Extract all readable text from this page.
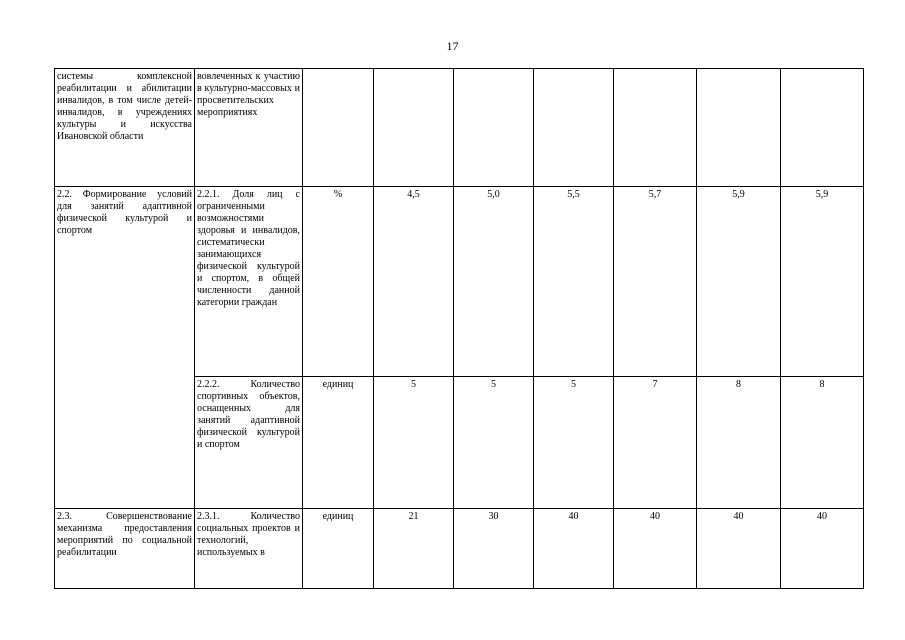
17
системы комплексной реабилитации и абилитации инвалидов, в том числе детей-инвалидов, в учреждениях культуры и искусства Ивановской области	вовлеченных к участию в культурно-массовых и просветительских мероприятиях							
2.2. Формирование условий для занятий адаптивной физической культурой и спортом	2.2.1. Доля лиц с ограниченными возможностями здоровья и инвалидов, систематически занимающихся физической культурой и спортом, в общей численности данной категории граждан	%	4,5	5,0	5,5	5,7	5,9	5,9
	2.2.2. Количество спортивных объектов, оснащенных для занятий адаптивной физической культурой и спортом	единиц	5	5	5	7	8	8
2.3. Совершенствование механизма предоставления мероприятий по социальной реабилитации	2.3.1. Количество социальных проектов и технологий, используемых в	единиц	21	30	40	40	40	40
